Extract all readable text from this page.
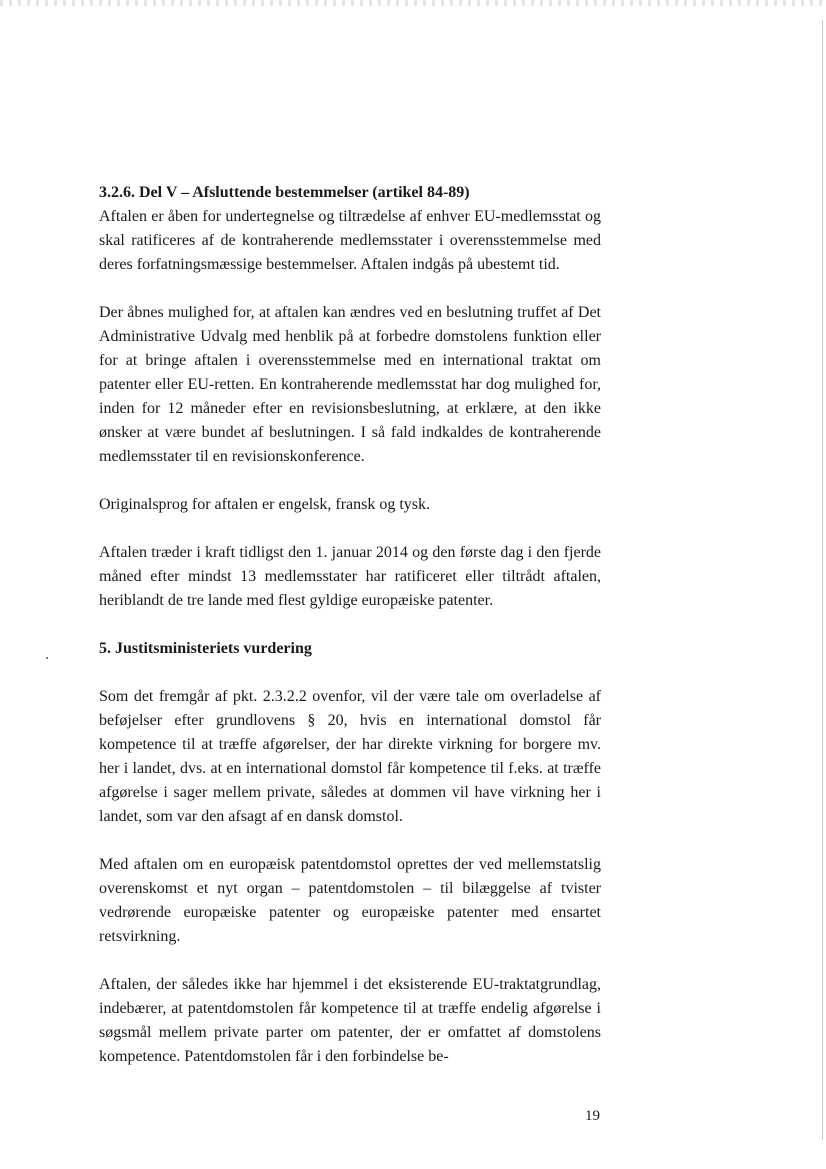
3.2.6. Del V – Afsluttende bestemmelser (artikel 84-89)

Aftalen er åben for undertegnelse og tiltrædelse af enhver EU-medlemsstat og skal ratificeres af de kontraherende medlemsstater i overensstemmelse med deres forfatningsmæssige bestemmelser. Aftalen indgås på ubestemt tid.

Der åbnes mulighed for, at aftalen kan ændres ved en beslutning truffet af Det Administrative Udvalg med henblik på at forbedre domstolens funktion eller for at bringe aftalen i overensstemmelse med en international traktat om patenter eller EU-retten. En kontraherende medlemsstat har dog mulighed for, inden for 12 måneder efter en revisionsbeslutning, at erklære, at den ikke ønsker at være bundet af beslutningen. I så fald indkaldes de kontraherende medlemsstater til en revisionskonference.

Originalsprog for aftalen er engelsk, fransk og tysk.

Aftalen træder i kraft tidligst den 1. januar 2014 og den første dag i den fjerde måned efter mindst 13 medlemsstater har ratificeret eller tiltrådt aftalen, heriblandt de tre lande med flest gyldige europæiske patenter.

5. Justitsministeriets vurdering

Som det fremgår af pkt. 2.3.2.2 ovenfor, vil der være tale om overladelse af beføjelser efter grundlovens § 20, hvis en international domstol får kompetence til at træffe afgørelser, der har direkte virkning for borgere mv. her i landet, dvs. at en international domstol får kompetence til f.eks. at træffe afgørelse i sager mellem private, således at dommen vil have virkning her i landet, som var den afsagt af en dansk domstol.

Med aftalen om en europæisk patentdomstol oprettes der ved mellemstatslig overenskomst et nyt organ – patentdomstolen – til bilæggelse af tvister vedrørende europæiske patenter og europæiske patenter med ensartet retsvirkning.

Aftalen, der således ikke har hjemmel i det eksisterende EU-traktatgrundlag, indebærer, at patentdomstolen får kompetence til at træffe endelig afgørelse i søgsmål mellem private parter om patenter, der er omfattet af domstolens kompetence. Patentdomstolen får i den forbindelse be-

19
